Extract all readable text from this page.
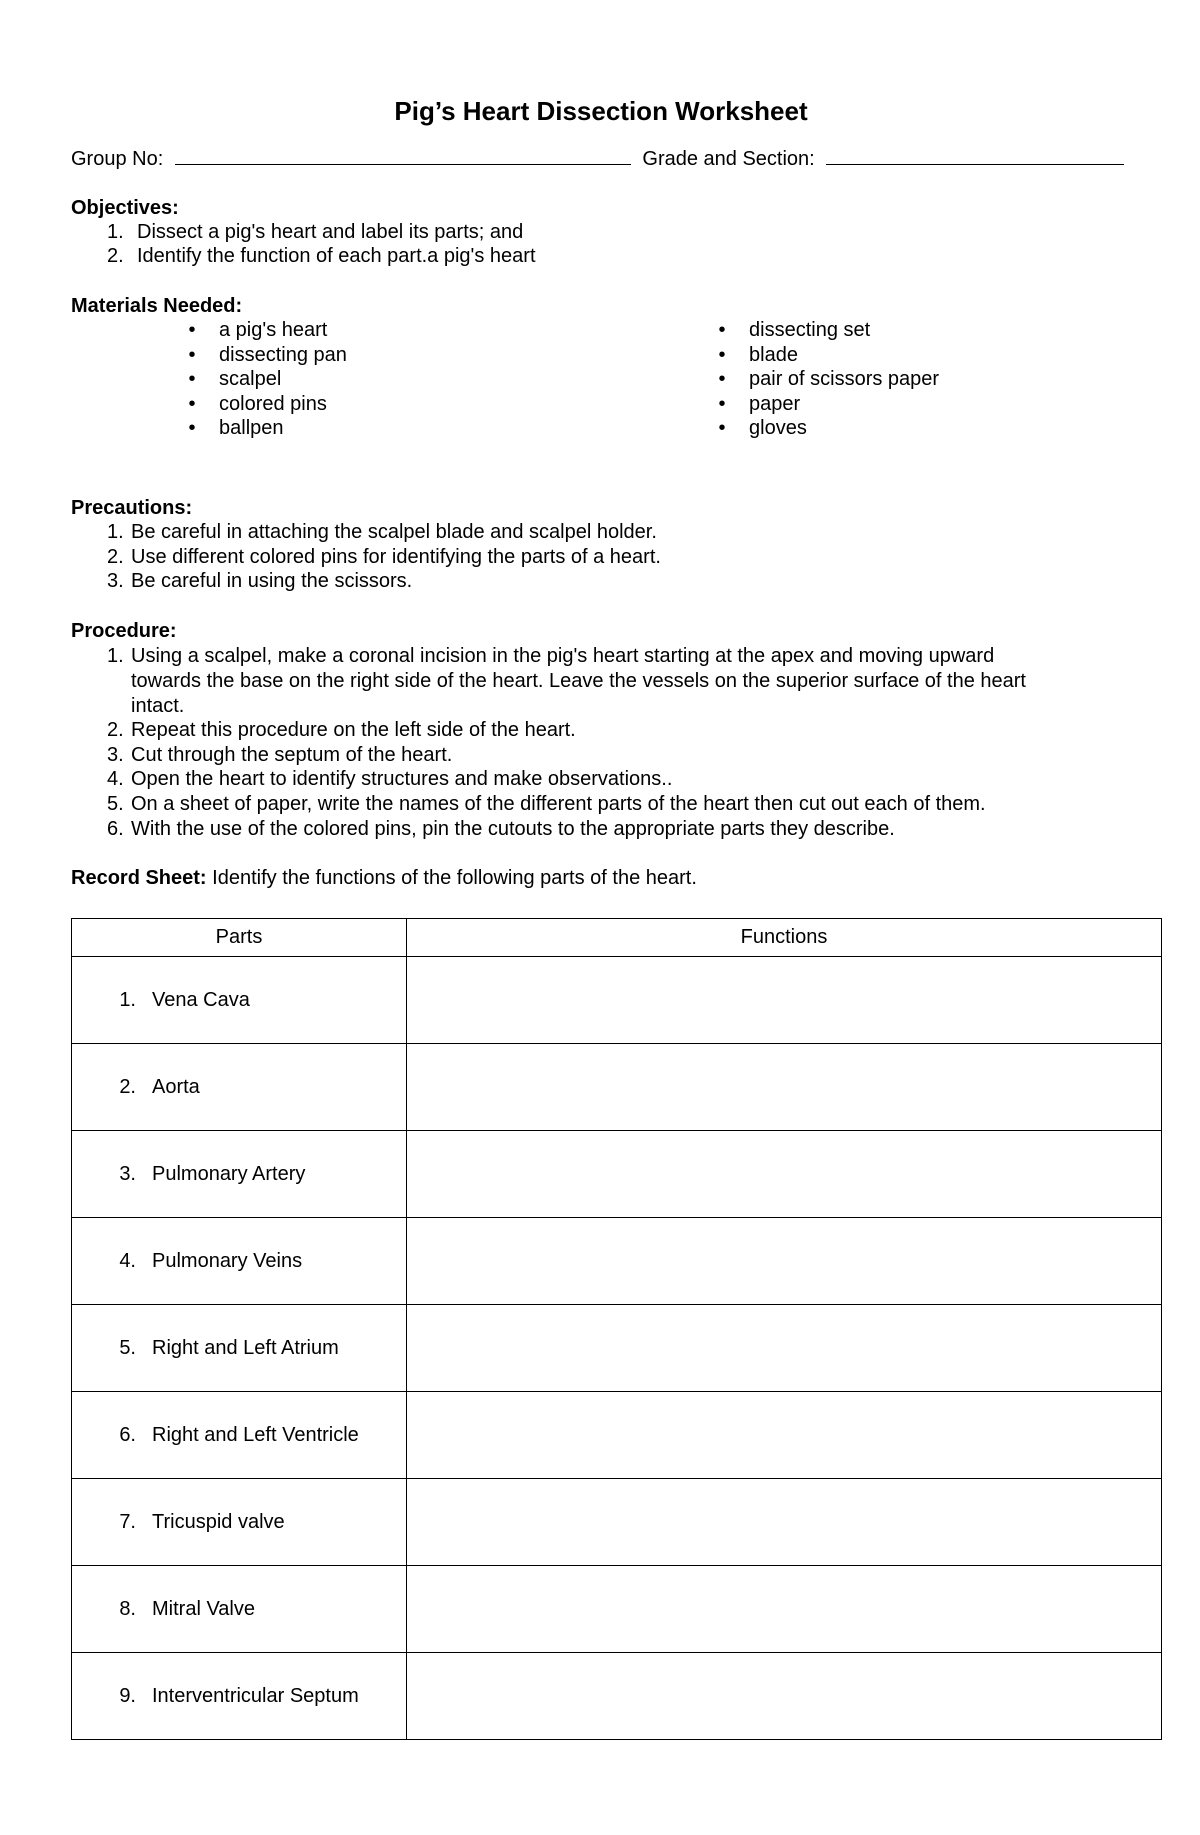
Pig’s Heart Dissection Worksheet
Group No:	Grade and Section:
Objectives:
1. Dissect a pig's heart and label its parts; and
2. Identify the function of each part.a pig's heart
Materials Needed:
• a pig's heart
• dissecting pan
• scalpel
• colored pins
• ballpen
• dissecting set
• blade
• pair of scissors paper
• paper
• gloves
Precautions:
1. Be careful in attaching the scalpel blade and scalpel holder.
2. Use different colored pins for identifying the parts of a heart.
3. Be careful in using the scissors.
Procedure:
1. Using a scalpel, make a coronal incision in the pig's heart starting at the apex and moving upward
towards the base on the right side of the heart. Leave the vessels on the superior surface of the heart
intact.
2. Repeat this procedure on the left side of the heart.
3. Cut through the septum of the heart.
4. Open the heart to identify structures and make observations..
5. On a sheet of paper, write the names of the different parts of the heart then cut out each of them.
6. With the use of the colored pins, pin the cutouts to the appropriate parts they describe.
Record Sheet: Identify the functions of the following parts of the heart.
Parts	Functions
1. Vena Cava	
2. Aorta	
3. Pulmonary Artery	
4. Pulmonary Veins	
5. Right and Left Atrium	
6. Right and Left Ventricle	
7. Tricuspid valve	
8. Mitral Valve	
9. Interventricular Septum	
